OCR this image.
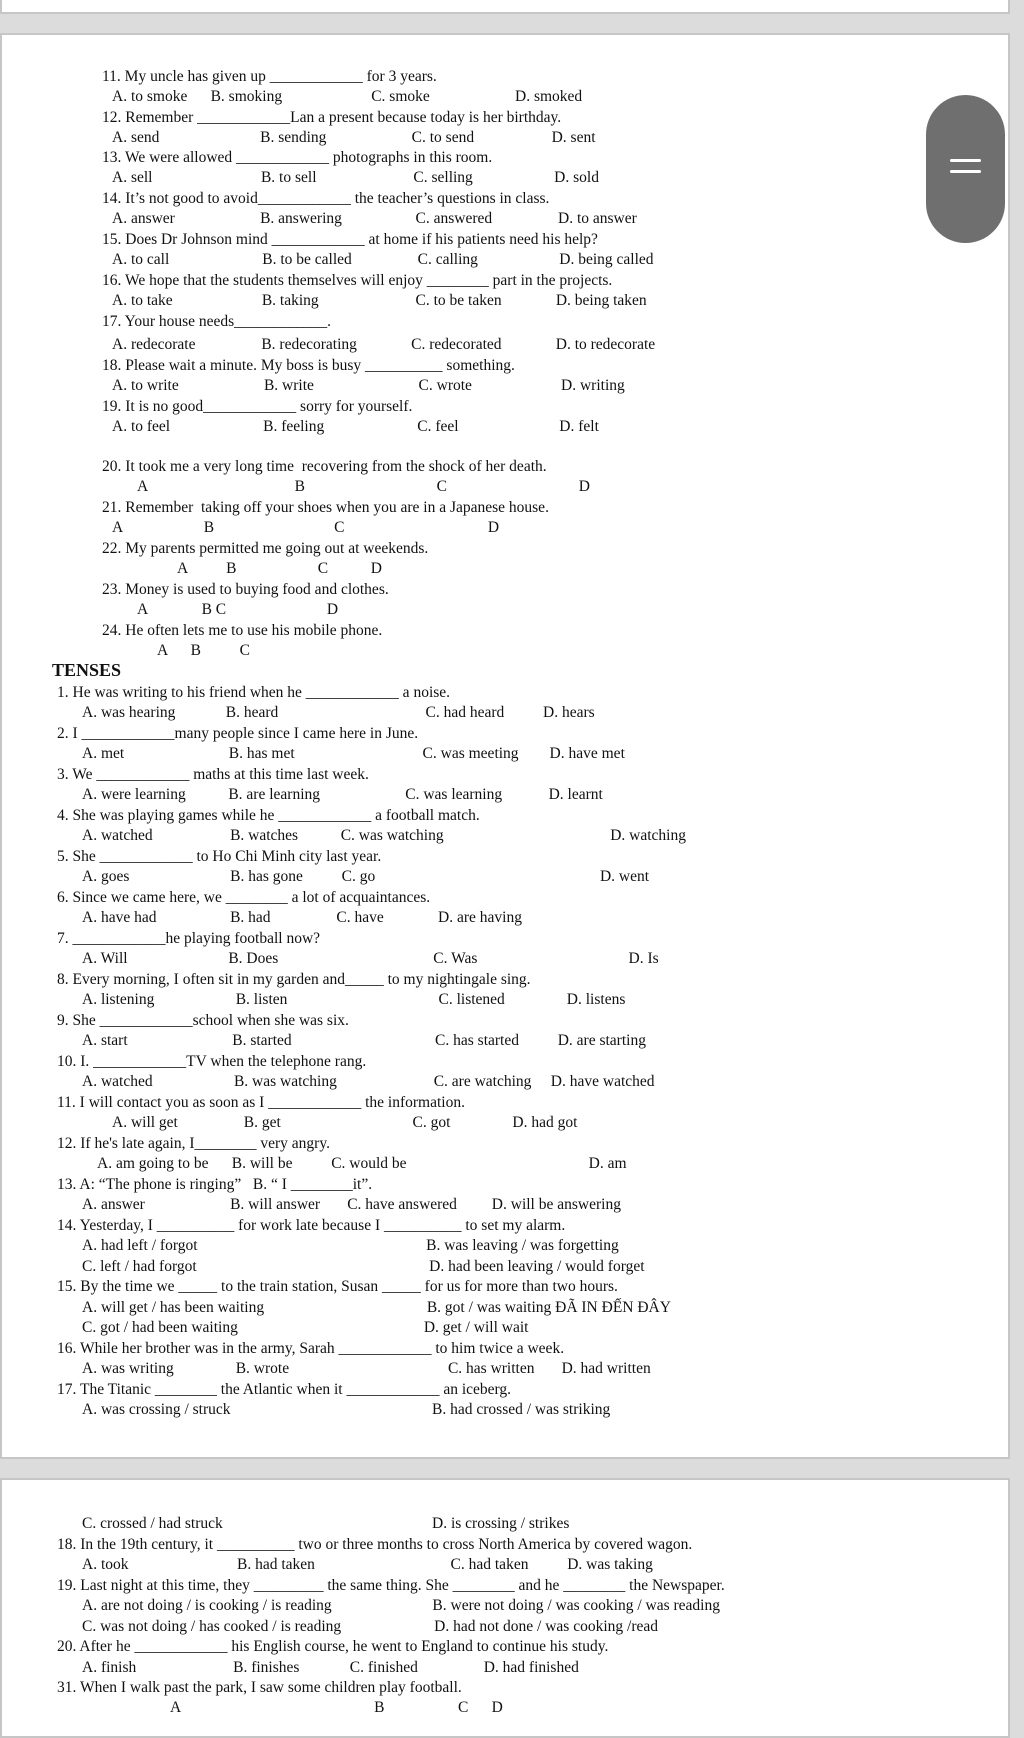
11. My uncle has given up ____________ for 3 years.
A. to smoke      B. smoking                       C. smoke                      D. smoked
12. Remember ____________Lan a present because today is her birthday.
A. send                          B. sending                      C. to send                    D. sent
13. We were allowed ____________ photographs in this room.
A. sell                            B. to sell                         C. selling                     D. sold
14. It’s not good to avoid____________ the teacher’s questions in class.
A. answer                      B. answering                   C. answered                 D. to answer
15. Does Dr Johnson mind ____________ at home if his patients need his help?
A. to call                        B. to be called                 C. calling                     D. being called
16. We hope that the students themselves will enjoy ________ part in the projects.
A. to take                       B. taking                         C. to be taken              D. being taken
17. Your house needs____________.
A. redecorate                 B. redecorating              C. redecorated              D. to redecorate
18. Please wait a minute. My boss is busy __________ something.
A. to write                      B. write                           C. wrote                       D. writing
19. It is no good____________ sorry for yourself.
A. to feel                        B. feeling                        C. feel                          D. felt
20. It took me a very long time  recovering from the shock of her death.
A                                      B                                  C                                  D
21. Remember  taking off your shoes when you are in a Japanese house.
A                     B                               C                                     D
22. My parents permitted me going out at weekends.
A          B                     C           D
23. Money is used to buying food and clothes.
A              B C                          D
24. He often lets me to use his mobile phone.
A      B          C
TENSES
1. He was writing to his friend when he ____________ a noise.
A. was hearing             B. heard                                      C. had heard          D. hears
2. I ____________many people since I came here in June.
A. met                           B. has met                                 C. was meeting        D. have met
3. We ____________ maths at this time last week.
A. were learning           B. are learning                      C. was learning            D. learnt
4. She was playing games while he ____________ a football match.
A. watched                    B. watches           C. was watching                                           D. watching
5. She ____________ to Ho Chi Minh city last year.
A. goes                          B. has gone          C. go                                                          D. went
6. Since we came here, we ________ a lot of acquaintances.
A. have had                   B. had                 C. have              D. are having
7. ____________he playing football now?
A. Will                          B. Does                                        C. Was                                       D. Is
8. Every morning, I often sit in my garden and_____ to my nightingale sing.
A. listening                     B. listen                                       C. listened                D. listens
9. She ____________school when she was six.
A. start                           B. started                                     C. has started          D. are starting
10. I. ____________TV when the telephone rang.
A. watched                     B. was watching                         C. are watching     D. have watched
11. I will contact you as soon as I ____________ the information.
A. will get                 B. get                                  C. got                D. had got
12. If he's late again, I________ very angry.
A. am going to be      B. will be          C. would be                                               D. am
13. A: “The phone is ringing”   B. “ I ________it”.
A. answer                      B. will answer       C. have answered         D. will be answering
14. Yesterday, I __________ for work late because I __________ to set my alarm.
A. had left / forgot                                                           B. was leaving / was forgetting
C. left / had forgot                                                            D. had been leaving / would forget
15. By the time we _____ to the train station, Susan _____ for us for more than two hours.
A. will get / has been waiting                                          B. got / was waiting ĐÃ IN ĐẾN ĐÂY
C. got / had been waiting                                                D. get / will wait
16. While her brother was in the army, Sarah ____________ to him twice a week.
A. was writing                B. wrote                                         C. has written       D. had written
17. The Titanic ________ the Atlantic when it ____________ an iceberg.
A. was crossing / struck                                                    B. had crossed / was striking
C. crossed / had struck                                                      D. is crossing / strikes
18. In the 19th century, it __________ two or three months to cross North America by covered wagon.
A. took                            B. had taken                                   C. had taken          D. was taking
19. Last night at this time, they _________ the same thing. She ________ and he ________ the Newspaper.
A. are not doing / is cooking / is reading                          B. were not doing / was cooking / was reading
C. was not doing / has cooked / is reading                        D. had not done / was cooking /read
20. After he ____________ his English course, he went to England to continue his study.
A. finish                         B. finishes             C. finished                 D. had finished
31. When I walk past the park, I saw some children play football.
A                                                  B                   C      D
